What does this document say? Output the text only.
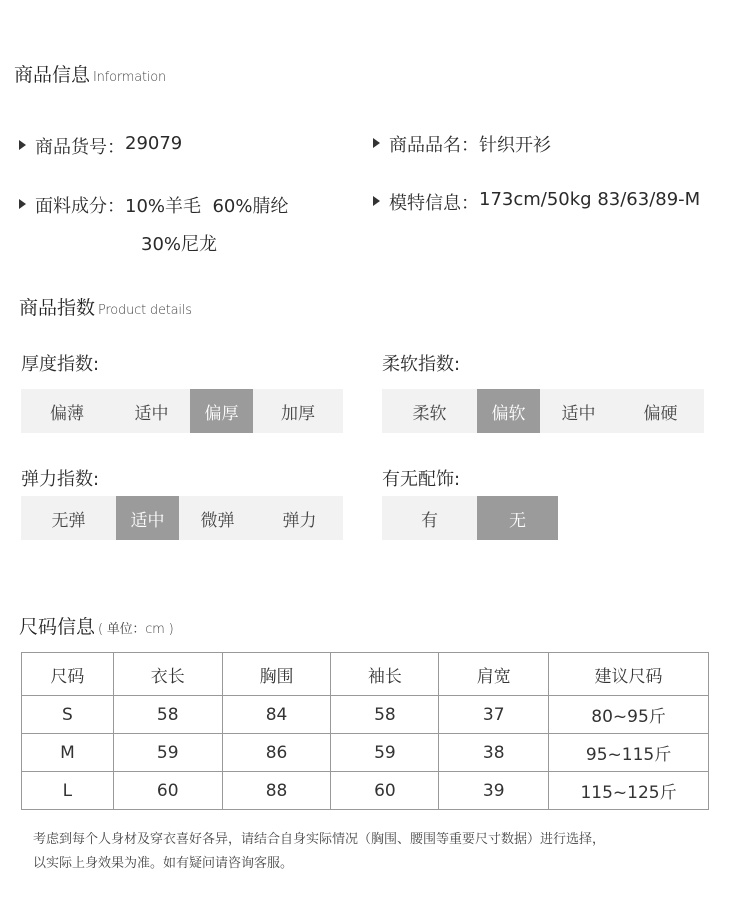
商品信息 Information
商品货号： 29079	商品品名： 针织开衫
面料成分： 10%羊毛  60%腈纶
30%尼龙
模特信息： 173cm/50kg 83/63/89-M
商品指数 Product details
厚度指数:
偏薄	适中	偏厚	加厚
柔软指数:
柔软	偏软	适中	偏硬
弹力指数:
无弹	适中	微弹	弹力
有无配饰:
有	无
尺码信息 ( 单位：cm )
尺码	衣长	胸围	袖长	肩宽	建议尺码
S	58	84	58	37	80~95斤
M	59	86	59	38	95~115斤
L	60	88	60	39	115~125斤
考虑到每个人身材及穿衣喜好各异，请结合自身实际情况（胸围、腰围等重要尺寸数据）进行选择，
以实际上身效果为准。如有疑问请咨询客服。
